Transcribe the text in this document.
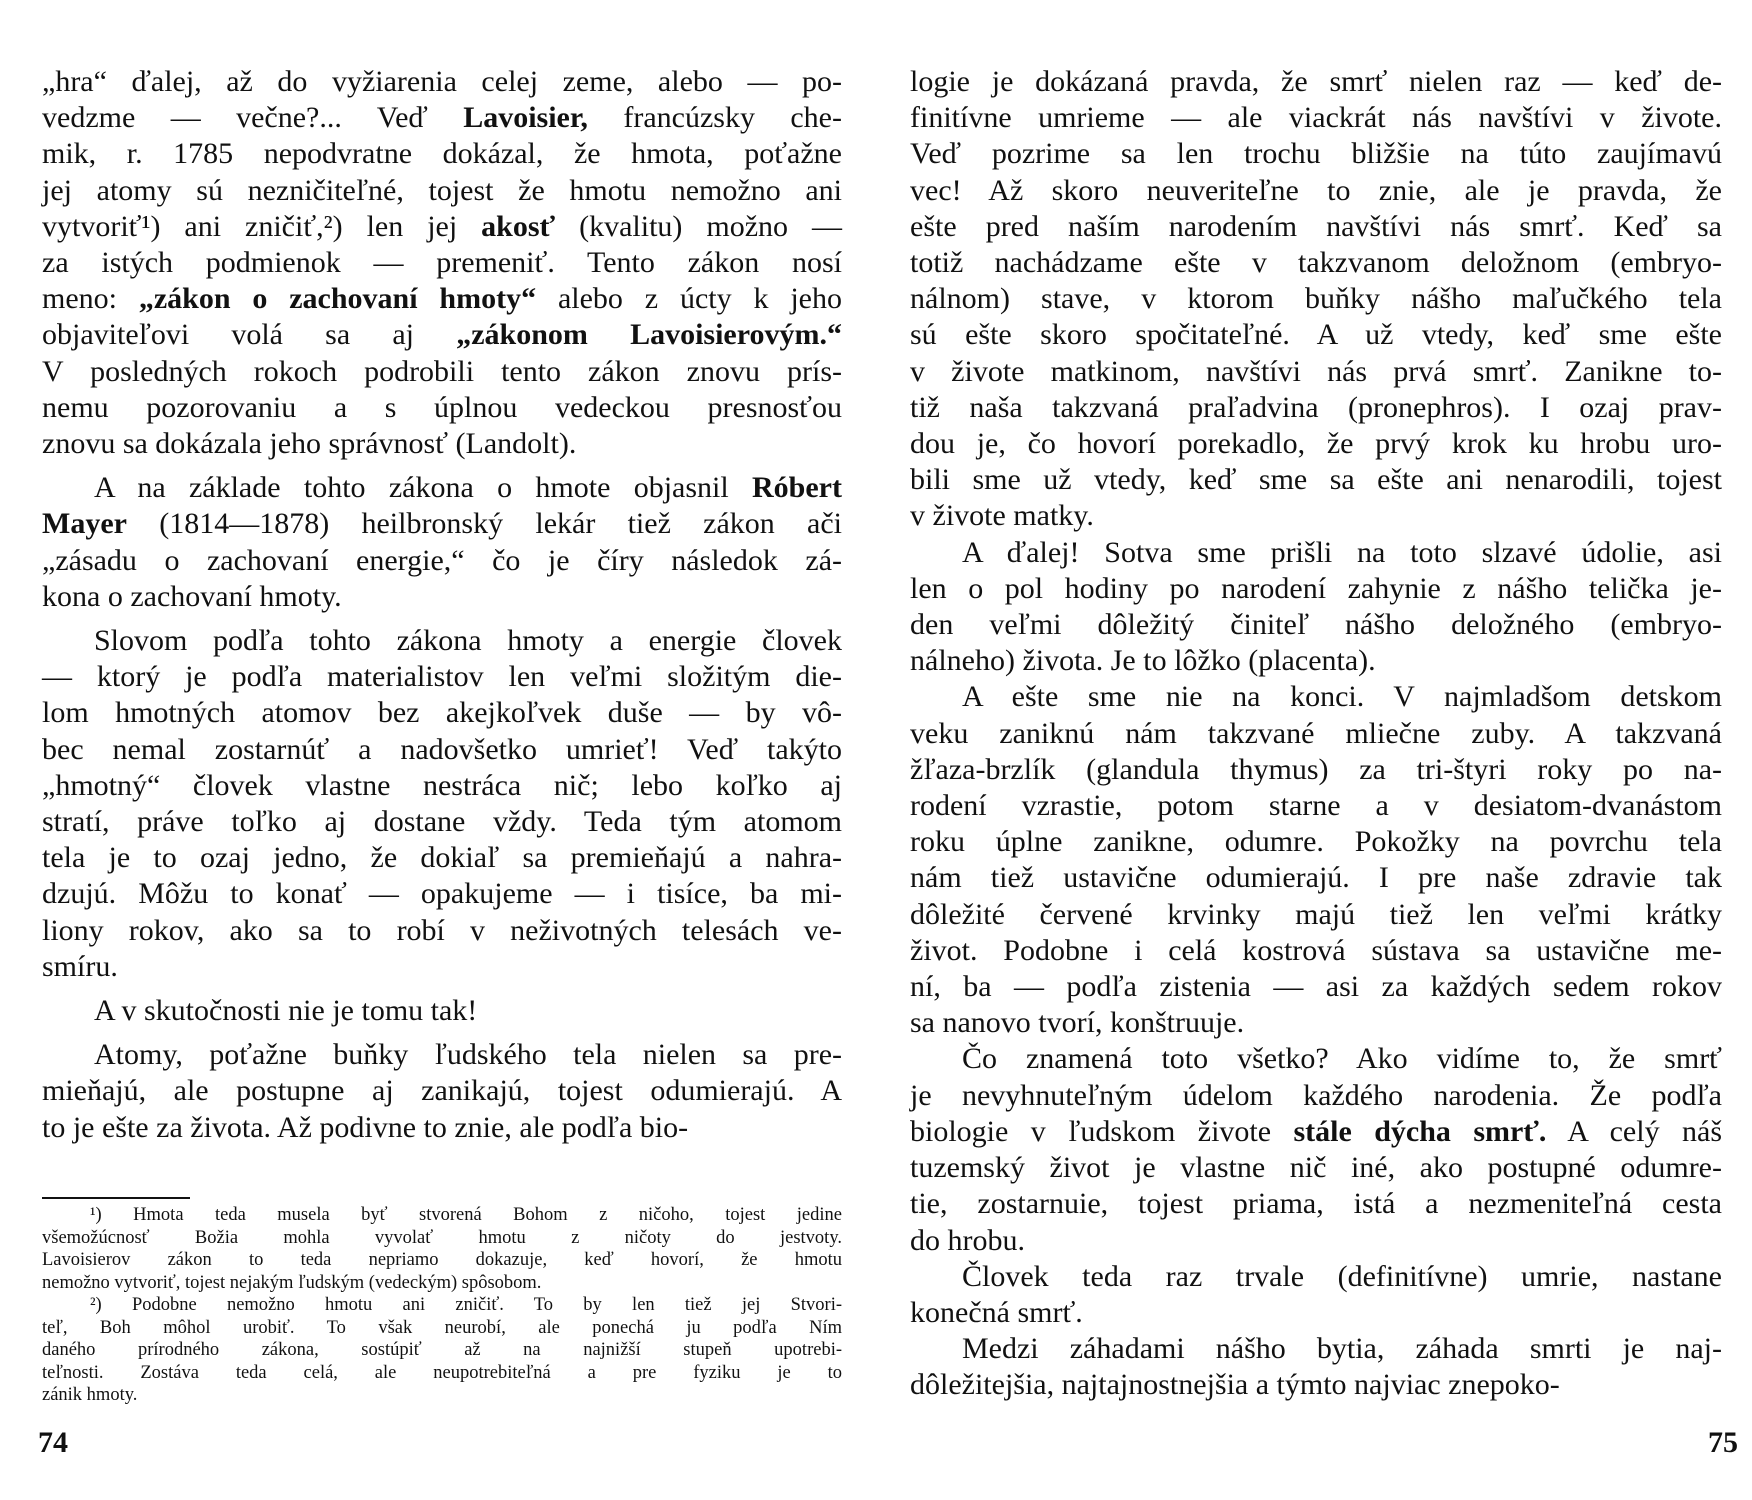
„hra“ ďalej, až do vyžiarenia celej zeme, alebo — po-
vedzme — večne?... Veď Lavoisier, francúzsky che-
mik, r. 1785 nepodvratne dokázal, že hmota, poťažne
jej atomy sú nezničiteľné, tojest že hmotu nemožno ani
vytvoriť¹) ani zničiť,²) len jej akosť (kvalitu) možno —
za istých podmienok — premeniť. Tento zákon nosí
meno: „zákon o zachovaní hmoty“ alebo z úcty k jeho
objaviteľovi volá sa aj „zákonom Lavoisierovým.“
V posledných rokoch podrobili tento zákon znovu prís-
nemu pozorovaniu a s úplnou vedeckou presnosťou
znovu sa dokázala jeho správnosť (Landolt).
A na základe tohto zákona o hmote objasnil Róbert
Mayer (1814—1878) heilbronský lekár tiež zákon ači
„zásadu o zachovaní energie,“ čo je číry následok zá-
kona o zachovaní hmoty.
Slovom podľa tohto zákona hmoty a energie človek
— ktorý je podľa materialistov len veľmi složitým die-
lom hmotných atomov bez akejkoľvek duše — by vô-
bec nemal zostarnúť a nadovšetko umrieť! Veď takýto
„hmotný“ človek vlastne nestráca nič; lebo koľko aj
stratí, práve toľko aj dostane vždy. Teda tým atomom
tela je to ozaj jedno, že dokiaľ sa premieňajú a nahra-
dzujú. Môžu to konať — opakujeme — i tisíce, ba mi-
liony rokov, ako sa to robí v neživotných telesách ve-
smíru.
A v skutočnosti nie je tomu tak!
Atomy, poťažne buňky ľudského tela nielen sa pre-
mieňajú, ale postupne aj zanikajú, tojest odumierajú. A
to je ešte za života. Až podivne to znie, ale podľa bio-
¹) Hmota teda musela byť stvorená Bohom z ničoho, tojest jedine
všemožúcnosť Božia mohla vyvolať hmotu z ničoty do jestvoty.
Lavoisierov zákon to teda nepriamo dokazuje, keď hovorí, že hmotu
nemožno vytvoriť, tojest nejakým ľudským (vedeckým) spôsobom.
²) Podobne nemožno hmotu ani zničiť. To by len tiež jej Stvori-
teľ, Boh môhol urobiť. To však neurobí, ale ponechá ju podľa Ním
daného prírodného zákona, sostúpiť až na najnižší stupeň upotrebi-
teľnosti. Zostáva teda celá, ale neupotrebiteľná a pre fyziku je to
zánik hmoty.
74
logie je dokázaná pravda, že smrť nielen raz — keď de-
finitívne umrieme — ale viackrát nás navštívi v živote.
Veď pozrime sa len trochu bližšie na túto zaujímavú
vec! Až skoro neuveriteľne to znie, ale je pravda, že
ešte pred naším narodením navštívi nás smrť. Keď sa
totiž nachádzame ešte v takzvanom deložnom (embryo-
nálnom) stave, v ktorom buňky nášho maľučkého tela
sú ešte skoro spočitateľné. A už vtedy, keď sme ešte
v živote matkinom, navštívi nás prvá smrť. Zanikne to-
tiž naša takzvaná praľadvina (pronephros). I ozaj prav-
dou je, čo hovorí porekadlo, že prvý krok ku hrobu uro-
bili sme už vtedy, keď sme sa ešte ani nenarodili, tojest
v živote matky.
A ďalej! Sotva sme prišli na toto slzavé údolie, asi
len o pol hodiny po narodení zahynie z nášho telička je-
den veľmi dôležitý činiteľ nášho deložného (embryo-
nálneho) života. Je to lôžko (placenta).
A ešte sme nie na konci. V najmladšom detskom
veku zaniknú nám takzvané mliečne zuby. A takzvaná
žľaza-brzlík (glandula thymus) za tri-štyri roky po na-
rodení vzrastie, potom starne a v desiatom-dvanástom
roku úplne zanikne, odumre. Pokožky na povrchu tela
nám tiež ustavične odumierajú. I pre naše zdravie tak
dôležité červené krvinky majú tiež len veľmi krátky
život. Podobne i celá kostrová sústava sa ustavične me-
ní, ba — podľa zistenia — asi za každých sedem rokov
sa nanovo tvorí, konštruuje.
Čo znamená toto všetko? Ako vidíme to, že smrť
je nevyhnuteľným údelom každého narodenia. Že podľa
biologie v ľudskom živote stále dýcha smrť. A celý náš
tuzemský život je vlastne nič iné, ako postupné odumre-
tie, zostarnuie, tojest priama, istá a nezmeniteľná cesta
do hrobu.
Človek teda raz trvale (definitívne) umrie, nastane
konečná smrť.
Medzi záhadami nášho bytia, záhada smrti je naj-
dôležitejšia, najtajnostnejšia a týmto najviac znepoko-
75
